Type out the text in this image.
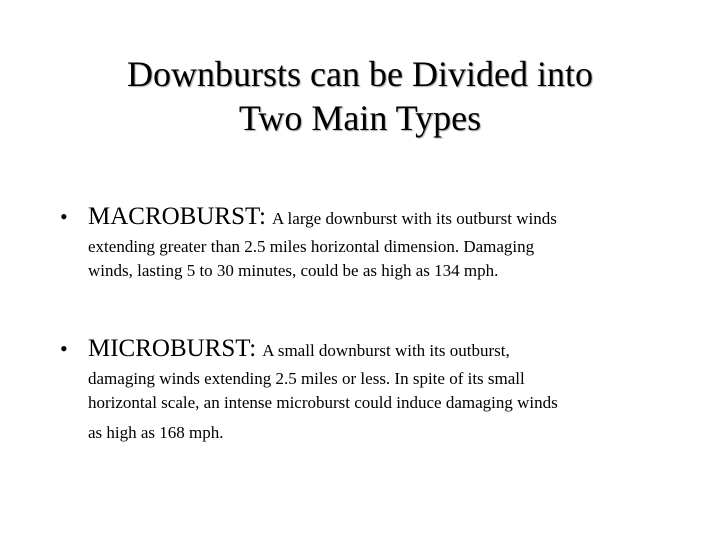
Downbursts can be Divided into
Two Main Types
• MACROBURST: A large downburst with its outburst winds
extending greater than 2.5 miles horizontal dimension. Damaging
winds, lasting 5 to 30 minutes, could be as high as 134 mph.
• MICROBURST: A small downburst with its outburst,
damaging winds extending 2.5 miles or less. In spite of its small
horizontal scale, an intense microburst could induce damaging winds
as high as 168 mph.
